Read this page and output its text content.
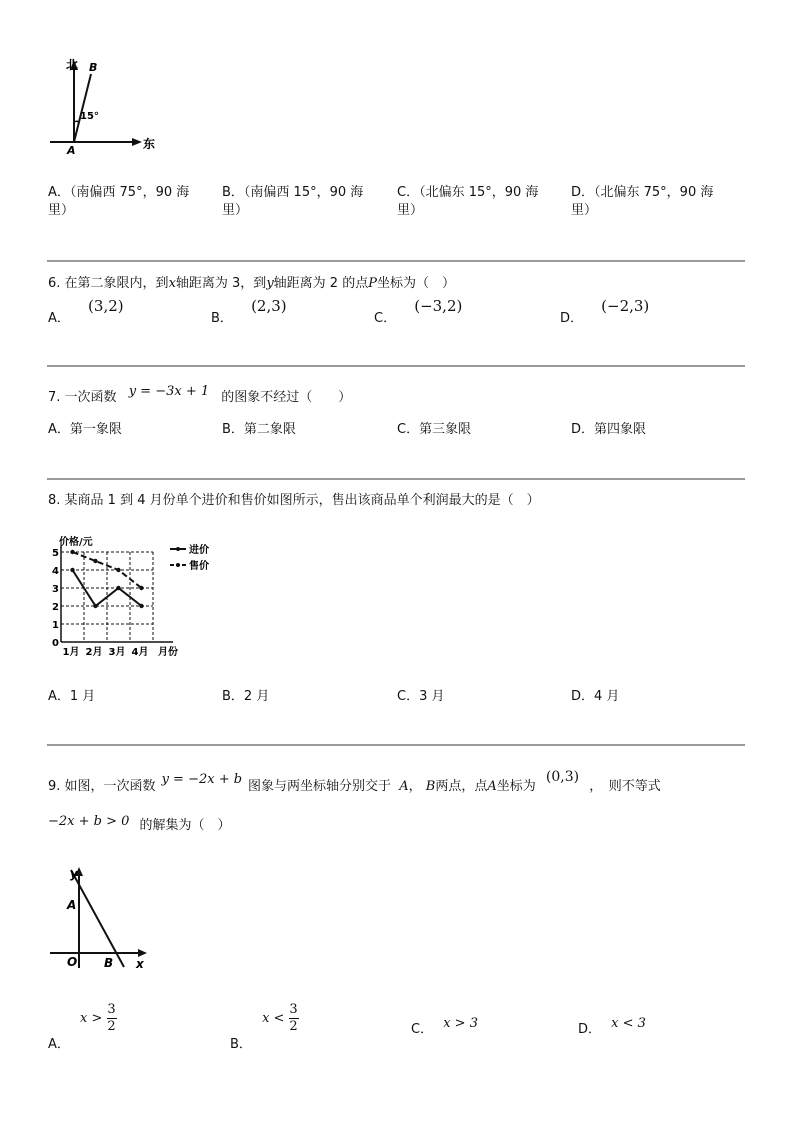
北 B
15°
A	东
A．（南偏西 75°，90 海
里）
B．（南偏西 15°，90 海
里）
C．（北偏东 15°，90 海
里）
D．（北偏东 75°，90 海
里）
6. 在第二象限内，到x轴距离为 3，到y轴距离为 2 的点P坐标为（　）
A． (3,2)
B． (2,3)
C． (−3,2)
D． (−2,3)
7. 一次函数 y = −3x + 1 的图象不经过（　　）
A．第一象限	B．第二象限	C．第三象限	D．第四象限
8. 某商品 1 到 4 月份单个进价和售价如图所示，售出该商品单个利润最大的是（　）
0
1
2
3
4
5
1月 2月 3月 4月 月份
价格/元
进价
售价
A．1 月	B．2 月	C．3 月	D．4 月
9. 如图，一次函数 y = −2x + b 图象与两坐标轴分别交于 A， B两点，点A坐标为 (0,3) ，　则不等式
−2x + b > 0 的解集为（　）
y
A
O B x
A． $x > \frac{3}{2}$
B． $x < \frac{3}{2}$	C． x > 3	D． x < 3
